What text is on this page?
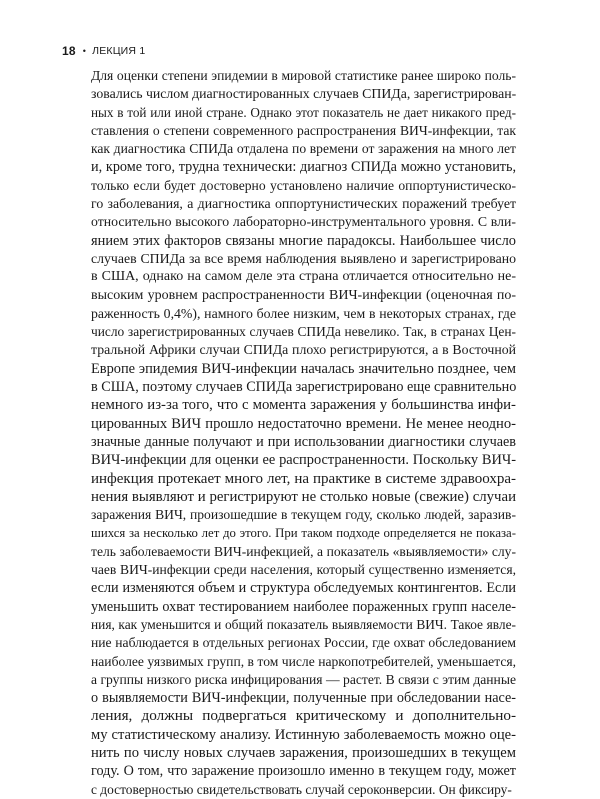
18 • ЛЕКЦИЯ 1
Для оценки степени эпидемии в мировой статистике ранее широко поль-
зовались числом диагностированных случаев СПИДа, зарегистрирован-
ных в той или иной стране. Однако этот показатель не дает никакого пред-
ставления о степени современного распространения ВИЧ-инфекции, так
как диагностика СПИДа отдалена по времени от заражения на много лет
и, кроме того, трудна технически: диагноз СПИДа можно установить,
только если будет достоверно установлено наличие оппортунистическо-
го заболевания, а диагностика оппортунистических поражений требует
относительно высокого лабораторно-инструментального уровня. С вли-
янием этих факторов связаны многие парадоксы. Наибольшее число
случаев СПИДа за все время наблюдения выявлено и зарегистрировано
в США, однако на самом деле эта страна отличается относительно не-
высоким уровнем распространенности ВИЧ-инфекции (оценочная по-
раженность 0,4%), намного более низким, чем в некоторых странах, где
число зарегистрированных случаев СПИДа невелико. Так, в странах Цен-
тральной Африки случаи СПИДа плохо регистрируются, а в Восточной
Европе эпидемия ВИЧ-инфекции началась значительно позднее, чем
в США, поэтому случаев СПИДа зарегистрировано еще сравнительно
немного из-за того, что с момента заражения у большинства инфи-
цированных ВИЧ прошло недостаточно времени. Не менее неодно-
значные данные получают и при использовании диагностики случаев
ВИЧ-инфекции для оценки ее распространенности. Поскольку ВИЧ-
инфекция протекает много лет, на практике в системе здравоохра-
нения выявляют и регистрируют не столько новые (свежие) случаи
заражения ВИЧ, произошедшие в текущем году, сколько людей, заразив-
шихся за несколько лет до этого. При таком подходе определяется не показа-
тель заболеваемости ВИЧ-инфекцией, а показатель «выявляемости» слу-
чаев ВИЧ-инфекции среди населения, который существенно изменяется,
если изменяются объем и структура обследуемых контингентов. Если
уменьшить охват тестированием наиболее пораженных групп населе-
ния, как уменьшится и общий показатель выявляемости ВИЧ. Такое явле-
ние наблюдается в отдельных регионах России, где охват обследованием
наиболее уязвимых групп, в том числе наркопотребителей, уменьшается,
а группы низкого риска инфицирования — растет. В связи с этим данные
о выявляемости ВИЧ-инфекции, полученные при обследовании насе-
ления, должны подвергаться критическому и дополнительно-
му статистическому анализу. Истинную заболеваемость можно оце-
нить по числу новых случаев заражения, произошедших в текущем
году. О том, что заражение произошло именно в текущем году, может
с достоверностью свидетельствовать случай сероконверсии. Он фиксиру-
